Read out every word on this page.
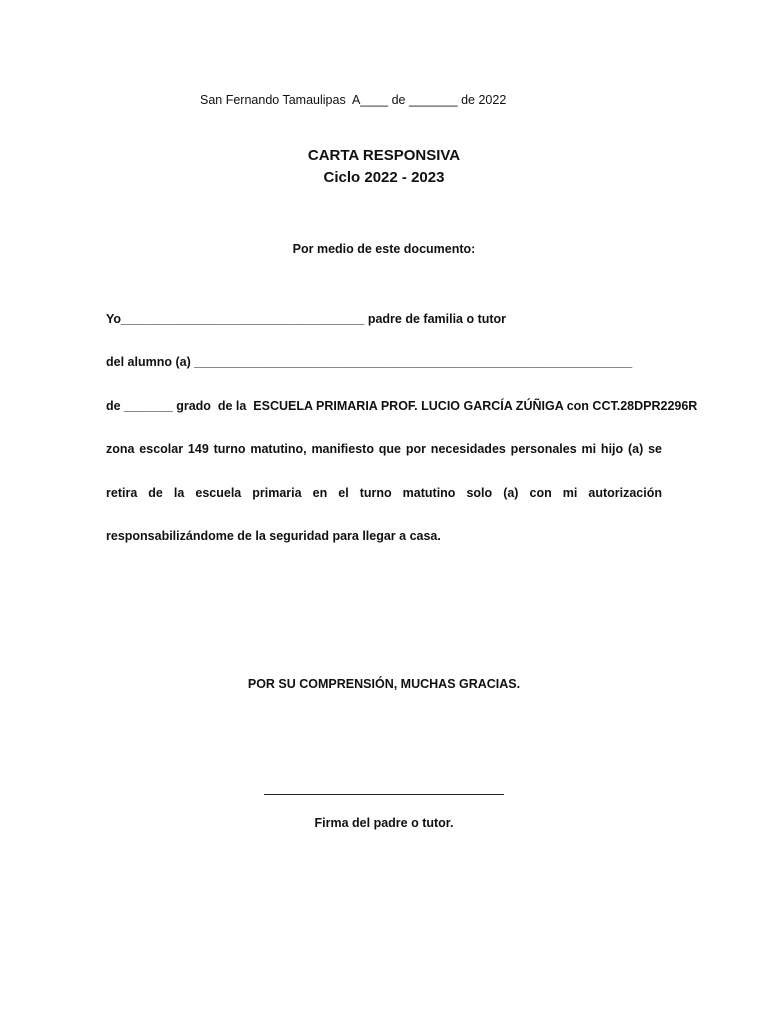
San Fernando Tamaulipas  A____ de _______ de 2022
CARTA RESPONSIVA
Ciclo 2022 - 2023
Por medio de este documento:
Yo___________________________________ padre de familia o tutor
del alumno (a) _______________________________________________________________
de _______ grado  de la  ESCUELA PRIMARIA PROF. LUCIO GARCÍA ZÚÑIGA con CCT.28DPR2296R
zona escolar 149 turno matutino, manifiesto que por necesidades personales mi hijo (a) se
retira de la escuela primaria en el turno matutino solo (a) con mi autorización
responsabilizándome de la seguridad para llegar a casa.
POR SU COMPRENSIÓN, MUCHAS GRACIAS.
Firma del padre o tutor.
